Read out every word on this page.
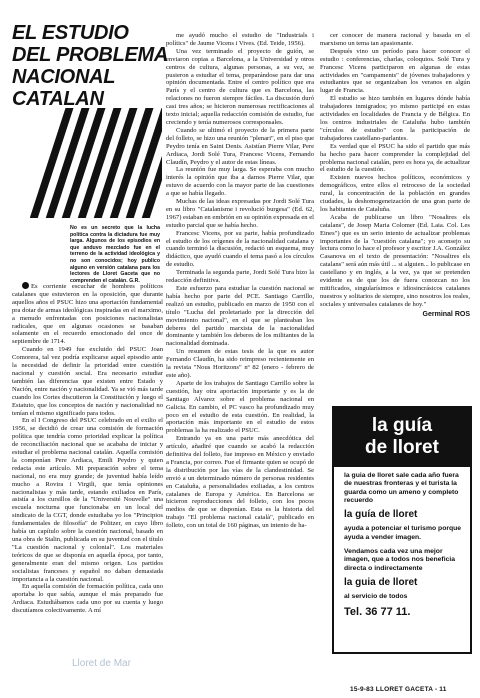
EL ESTUDIO
DEL PROBLEMA
NACIONAL
CATALAN
No es un secreto que la lucha política contra la dictadura fue muy larga. Algunos de los episodios en que anduvo mezclado fue en el terreno de la actividad ideológica y no son conocidos; hoy publico alguno en versión catalana para los lectores de Lloret Gaceta que no comprenden el catalán. G.R.

Es corriente escuchar de hombres políticos catalanes que estuvieron en la oposición, que durante aquellos años el PSUC hizo una aportación fundamental pra dotar de armas ideológicas inspiradas en el marximo, a menudo enfrentadas con posiciones nacionalistas radicales, que en algunas ocasiones se basaban solamente en el recuerdo emocionado del once de septiembre de 1714.

Cuando en 1949 fue excluido del PSUC Joan Comorera, tal vez podría explicarse aquel episodio ante la necesidad de definir la prioridad entre cuestión nacional y cuestión social. Era necesario estudiar también las diferencias que existen entre Estado y Nación, entre nación y nacionalidad. Ya se vió más tarde cuando los Cortes discutieron la Constitución y luego el Estatuto, que los conceptos de nación y nacionalidad no tenían el mismo significado para todos.

En el I Congreso del PSUC celebrado en el exilio el 1956, se decidió de crear una comisión de formación política que tendría como prioridad explicar la política de reconciliación nacional que se acababa de iniciar y estudiar el problema nacional catalán. Aquella comisión la componían Pere Ardiaca, Emili Peydro y quien redacta este artículo. Mi preparación sobre el tema nacional, no era muy grande; de juventud había leído mucho a Rovira i Virgili, que tenía opiniones nacionalistas y más tarde, estando exiliados en París, asistía a los cursillos de la "Université Nouvelle" una escuela nocturna que funcionaba en un local del sindicato de la CGT, donde estudiaba yo los "Principios fundamentales de filosofía" de Politzer, en cuyo libro había un capítulo sobre la cuestión nacional, basado en una obra de Stalin, publicada en su juventud con el título "La cuestión nacional y colonial". Los materiales teóricos de que se disponía en aquella época, por tanto, generalmente eran del mismo origen. Los partidos socialistas franceses y español no daban demasiada importancia a la cuestión nacional.

En aquella comisión de formación política, cada uno aportaba lo que sabía, aunque el más preparado fue Ardiaca. Estudiábamos cada uno por su cuenta y luego discutíamos colectivamente. A mí

me ayudó mucho el estudio de "Industrials i polítics" de Jaume Vicens i Vives. (Ed. Teide, 1956).

Una vez terminado el proyecto de guión, se enviaron copias a Barcelona, a la Universidad y otros centros de cultura, algunas personas, a su vez, se pusieron a estudiar el tema, preparándose para dar una opinión documentada. Entre el centro político que era París y el centro de cultura que es Barcelona, las relaciones no fueron siempre fáciles. La discusión duró casi tres años; se hicieron numerosas rectificaciones al texto inicial; aquella redacción comisión de estudio, fue creciendo y tenía numerosos corresponsales.

Cuando se ultimó el proyecto de la primera parte del folleto, se hizo una reunión "plenari", en el piso que Peydro tenía en Saint Denis. Asistían Pierre Vilar, Pere Ardiaca, Jordi Solé Tura, Francesc Vicens, Fernando Claudín, Peydro y el autor de estas líneas.

La reunión fue muy larga. Se esperaba con mucho interés la opinión que iba a darnos Pierre Vilar, que estuvo de acuerdo con la mayor parte de las cuestiones a que se había llegado.

Muchas de las ideas expresadas por Jordi Solé Tura en su libro "Catalanisme i revolució burgesa" (Ed. 62, 1967) estaban en embrión en su opinión expresada en el estudio parcial que se había hecho.

Francesc Vicens, por su parte, había profundizado el estudio de los orígenes de la nacionalidad catalana y cuando terminó la discusión, redactó un esquema, muy didáctico, que ayudó cuando el tema pasó a los círculos de estudio.

Terminada la segunda parte, Jordi Solé Tura hizo la redacción definitiva.

Este esfuerzo para estudiar la cuestión nacional se había hecho por parte del PCE. Santiago Carrillo, realizó un estudio, publicado en marzo de 1950 con el título "Lucha del proletariado por la dirección del movimiento nacional", en el que se planteaban los deberes del partido marxista de la nacionalidad dominante y también los deberes de los militantes de la nacionalidad dominada.

Un resumen de estas tesis de la que es autor Fernando Claudín, ha sido reimpreso recientemente en la revista "Nous Horitzons" nº 82 (enero - febrero de este año).

Aparte de los trabajos de Santiago Carrillo sobre la cuestión, hay otra aportación importante y es la de Santiago Alvarez sobre el problema nacional en Galicia. En cambio, el PC vasco ha profundizado muy poco en el estudio de esta cuestión. En realidad, la aportación más importante en el estudio de estos problemas la ha realizado el PSUC.

Entrando ya en una parte más anecdótica del artículo, añadiré que cuando se acabó la redacción definitiva del folleto, fue impreso en México y enviado a Francia, por correo. Fue el firmante quien se ocupó de la distribución por las vías de la clandestinidad. Se envió a un determinado número de personas residentes en Cataluña, a personalidades exiliadas, a los centros catalanes de Europa y América. En Barcelona se hicieron reproducciones del folleto, con los pocos medios de que se disponían. Esta es la historia del trabajo "El problema nacional català", publicado en folleto, con un total de 160 páginas, un intento de ha-

cer conocer de manera racional y basada en el marxismo un tema tan apasionante.

Después vino un período para hacer conocer el estudio : conferencias, charlas, coloquios. Solé Tura y Francesc Vicens participaron en algunas de estas actividades en "campaments" de jóvenes trabajadores y estudiantes que se organizaban los veranos en algún lugar de Francia.

El estudio se hizo también en lugares dónde había trabajadores inmigrados; yo mismo participé en estas actividades en localidades de Francia y de Bélgica. En los centros industriales de Cataluña hubo también "círculos de estudio" con la participación de trabajadores castellano-parlantes.

Es verdad que el PSUC ha sido el partido que más ha hecho para hacer comprender la complejidad del problema nacional catalán, pero es hora ya, de actualizar el estudio de la cuestión.

Existen nuevos hechos políticos, económicos y demográficos, entre ellos el retroceso de la sociedad rural, la concentración de la población en grandes ciudades, la deshomogeneización de una gran parte de los habitantes de Cataluña.

Acaba de publicarse un libro "Nosaltres els catalans", de Josep Maria Colomer (Ed. Laia. Col. Les Eines") que es un serio intento de actualizar problemas importantes de la "cuestión catalana"; yo aconsejo su lectura como lo hace el profesor y escritor J.A. González Casanova en el texto de presentación: "Nosaltres els catalans" será aún más útil ... si alguien... lo publicase en castellano y en inglés, a la vez, ya que se pretenden evidente es de que los de fuera conozcan no los mitificados, singularísimos e idiosincrásicos catalanes nuestros y solitarios de siempre, sino nosotros los reales, sociales y universales catalanes de hoy."

Germinal ROS

Lloret de Mar
la guía
de lloret

la guia de lloret sale cada año fuera de nuestras fronteras y el turista la guarda como un ameno y completo recuerdo

la guía de lloret

ayuda a potenciar el turismo porque ayuda a vender imagen.

Vendamos cada vez una mejor imagen, que a todos nos beneficia directa o indirectamente

la guia de lloret

al servicio de todos

Tel. 36 77 11.

15-9-83 LLORET GACETA - 11
